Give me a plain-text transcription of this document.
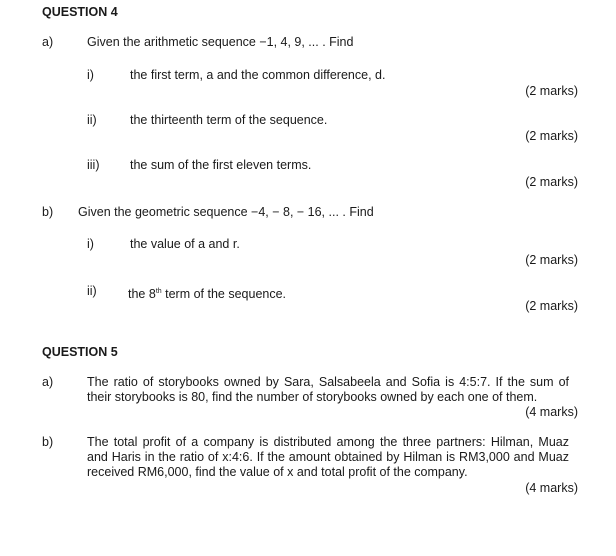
QUESTION 4
a)	Given the arithmetic sequence −1, 4, 9, ... . Find
i)	the first term, a and the common difference, d.
(2 marks)
ii)	the thirteenth term of the sequence.
(2 marks)
iii) the sum of the first eleven terms.
(2 marks)
b) Given the geometric sequence −4, − 8, − 16, ... . Find
i)	the value of a and r.
(2 marks)
ii)	the 8th term of the sequence.
(2 marks)
QUESTION 5
a)	The ratio of storybooks owned by Sara, Salsabeela and Sofia is 4:5:7. If the sum of their storybooks is 80, find the number of storybooks owned by each one of them.
(4 marks)
b)	The total profit of a company is distributed among the three partners: Hilman, Muaz and Haris in the ratio of x:4:6. If the amount obtained by Hilman is RM3,000 and Muaz received RM6,000, find the value of x and total profit of the company.
(4 marks)
